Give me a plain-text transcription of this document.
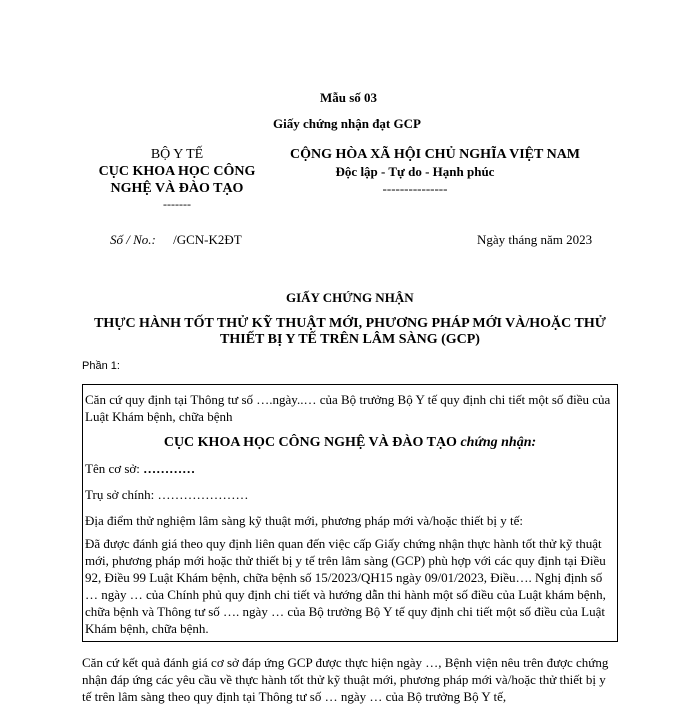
Mẫu số 03
Giấy chứng nhận đạt GCP
BỘ Y TẾ
CỤC KHOA HỌC CÔNG
NGHỆ VÀ ĐÀO TẠO
-------
CỘNG HÒA XÃ HỘI CHỦ NGHĨA VIỆT NAM
Độc lập - Tự do - Hạnh phúc
---------------
Số / No.: /GCN-K2ĐT	Ngày tháng năm 2023
GIẤY CHỨNG NHẬN
THỰC HÀNH TỐT THỬ KỸ THUẬT MỚI, PHƯƠNG PHÁP MỚI VÀ/HOẶC THỬ
THIẾT BỊ Y TẾ TRÊN LÂM SÀNG (GCP)
Phần 1:
Căn cứ quy định tại Thông tư số ….ngày..… của Bộ trưởng Bộ Y tế quy định chi tiết một số điều của Luật Khám bệnh, chữa bệnh
CỤC KHOA HỌC CÔNG NGHỆ VÀ ĐÀO TẠO chứng nhận:
Tên cơ sở: …………
Trụ sở chính: …………………
Địa điểm thử nghiệm lâm sàng kỹ thuật mới, phương pháp mới và/hoặc thiết bị y tế:
Đã được đánh giá theo quy định liên quan đến việc cấp Giấy chứng nhận thực hành tốt thử kỹ thuật mới, phương pháp mới hoặc thử thiết bị y tế trên lâm sàng (GCP) phù hợp với các quy định tại Điều 92, Điều 99 Luật Khám bệnh, chữa bệnh số 15/2023/QH15 ngày 09/01/2023, Điều…. Nghị định số … ngày … của Chính phủ quy định chi tiết và hướng dẫn thi hành một số điều của Luật khám bệnh, chữa bệnh và Thông tư số …. ngày … của Bộ trưởng Bộ Y tế quy định chi tiết một số điều của Luật Khám bệnh, chữa bệnh.
Căn cứ kết quả đánh giá cơ sở đáp ứng GCP được thực hiện ngày …, Bệnh viện nêu trên được chứng nhận đáp ứng các yêu cầu về thực hành tốt thử kỹ thuật mới, phương pháp mới và/hoặc thử thiết bị y tế trên lâm sàng theo quy định tại Thông tư số … ngày … của Bộ trưởng Bộ Y tế,
